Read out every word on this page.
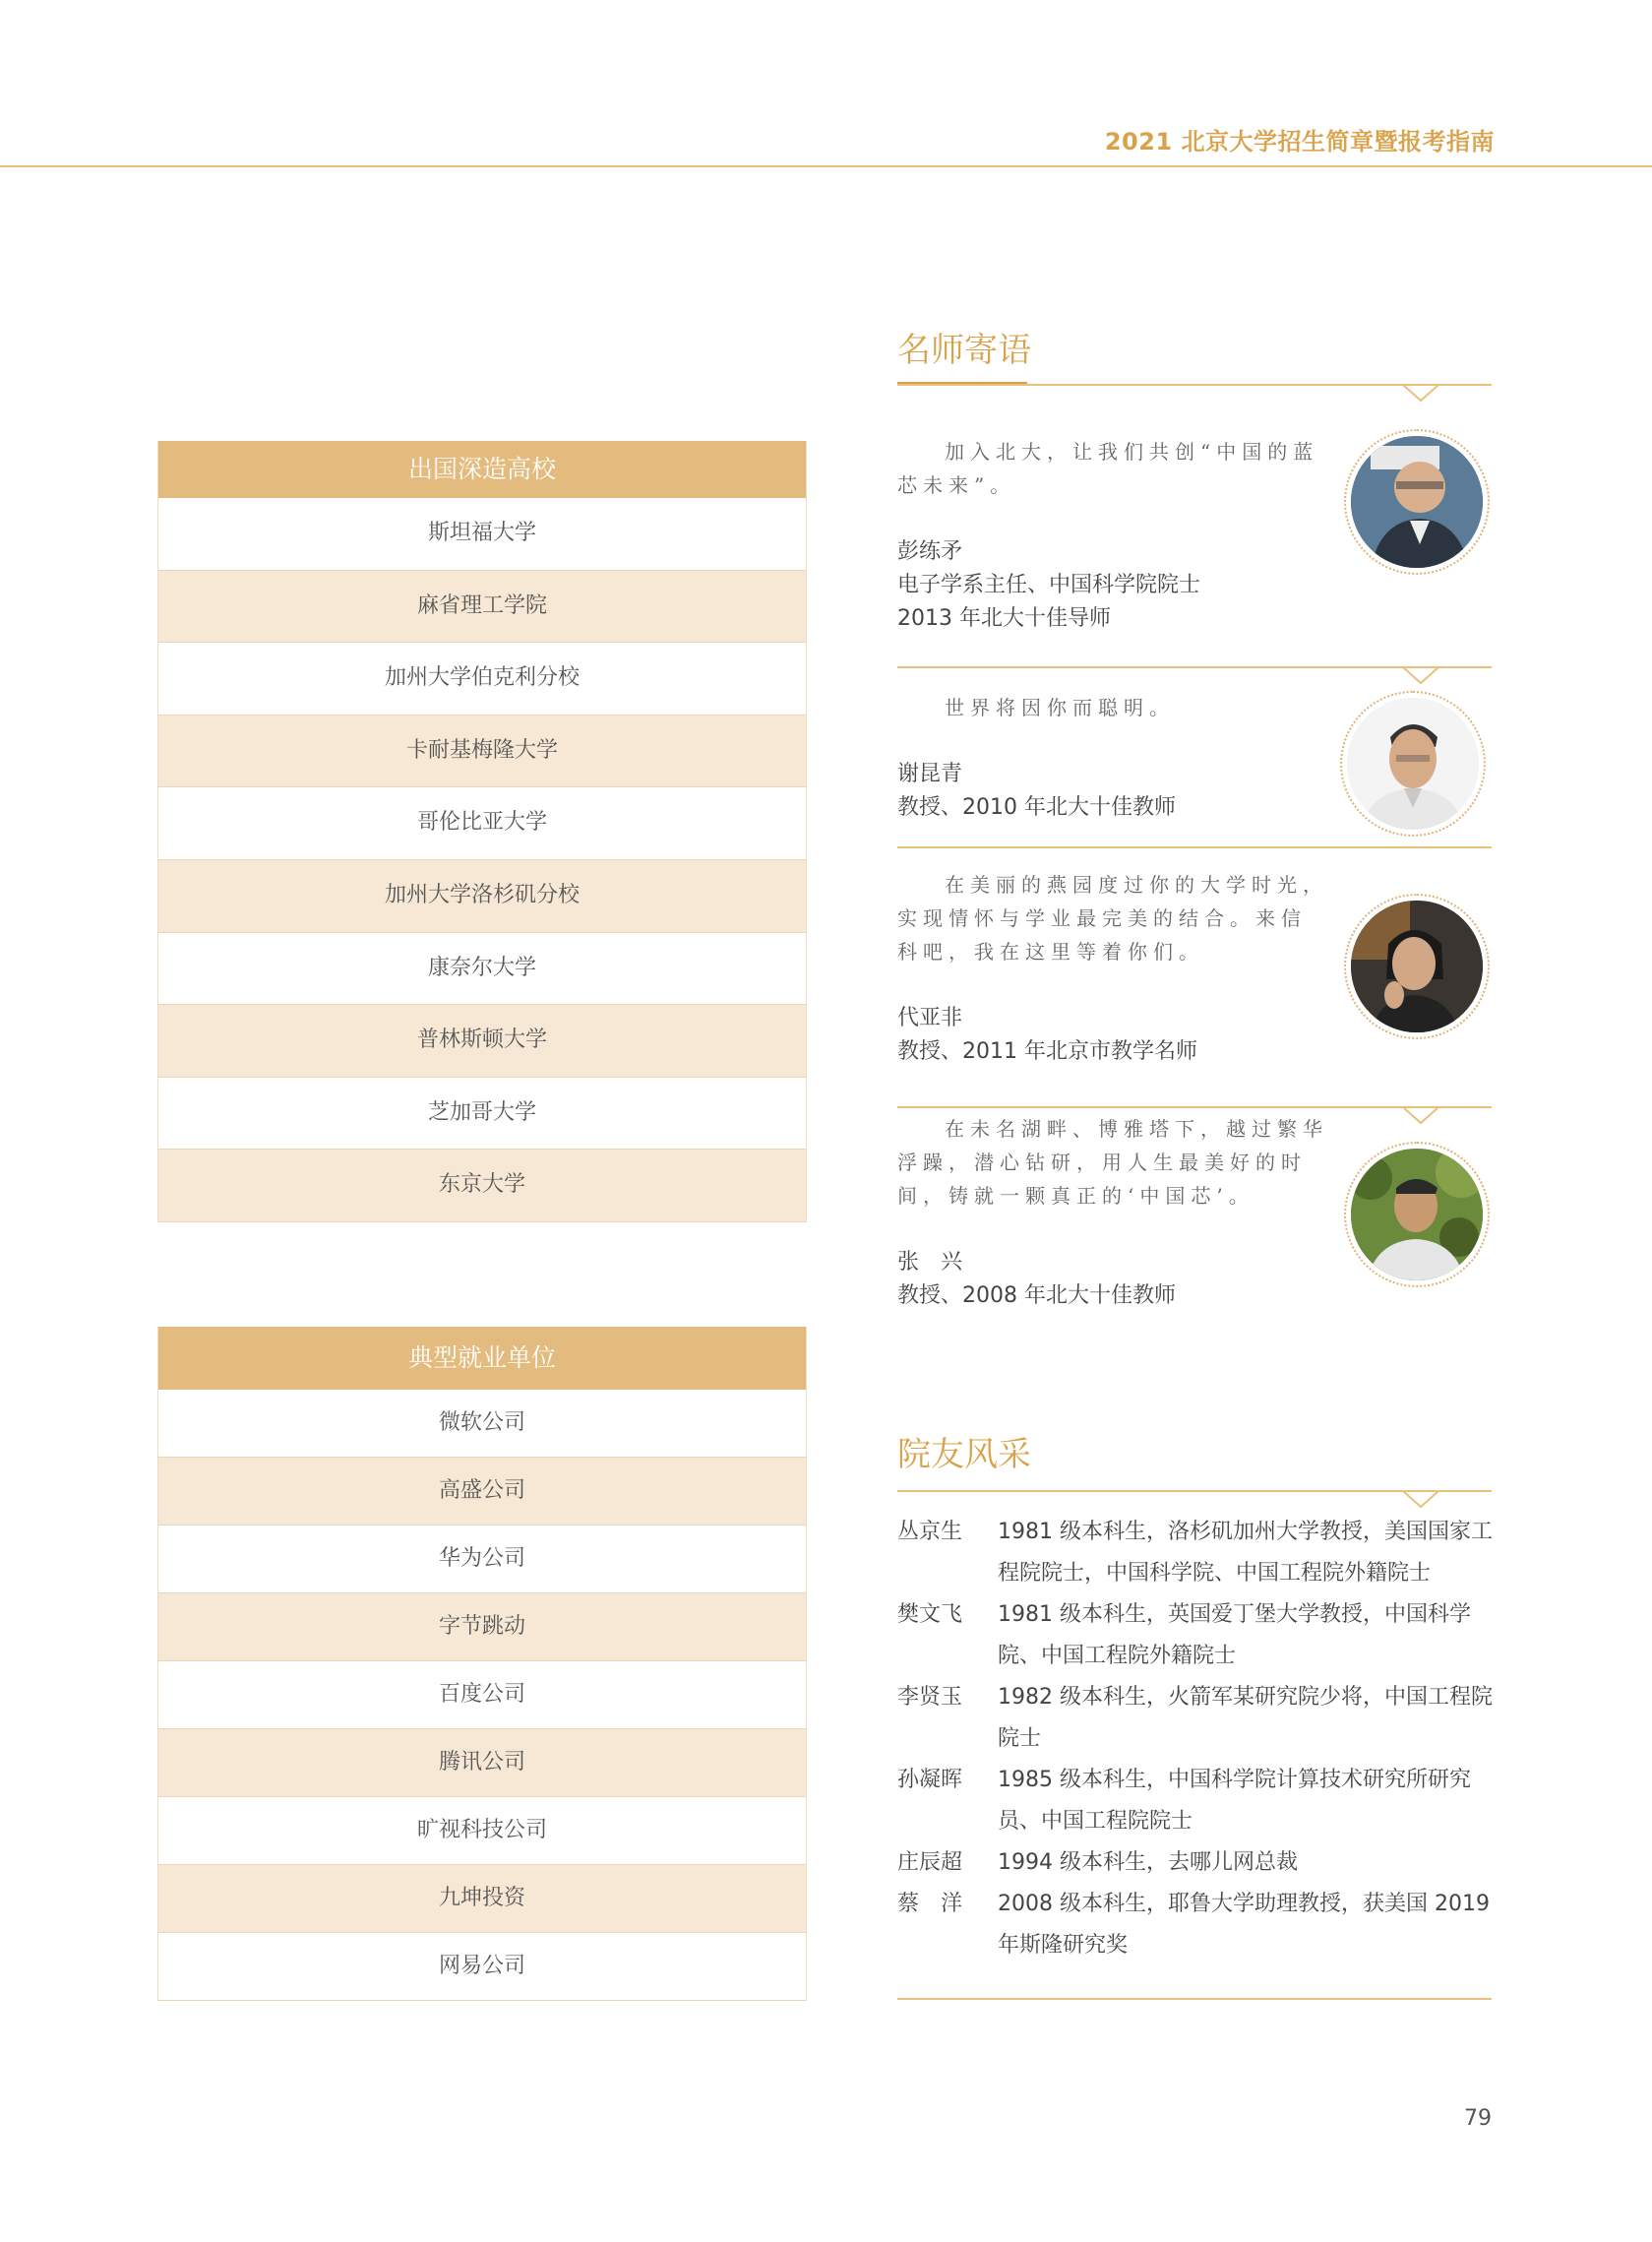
2021 北京大学招生简章暨报考指南
出国深造高校
斯坦福大学
麻省理工学院
加州大学伯克利分校
卡耐基梅隆大学
哥伦比亚大学
加州大学洛杉矶分校
康奈尔大学
普林斯顿大学
芝加哥大学
东京大学
典型就业单位
微软公司
高盛公司
华为公司
字节跳动
百度公司
腾讯公司
旷视科技公司
九坤投资
网易公司
名师寄语
加入北大，让我们共创“中国的蓝芯未来”。
彭练矛
电子学系主任、中国科学院院士
2013 年北大十佳导师
世界将因你而聪明。
谢昆青
教授、2010 年北大十佳教师
在美丽的燕园度过你的大学时光，实现情怀与学业最完美的结合。来信科吧，我在这里等着你们。
代亚非
教授、2011 年北京市教学名师
在未名湖畔、博雅塔下，越过繁华浮躁，潜心钻研，用人生最美好的时间，铸就一颗真正的‘中国芯’。
张　兴
教授、2008 年北大十佳教师
院友风采
丛京生	1981 级本科生，洛杉矶加州大学教授，美国国家工程院院士，中国科学院、中国工程院外籍院士
樊文飞	1981 级本科生，英国爱丁堡大学教授，中国科学院、中国工程院外籍院士
李贤玉	1982 级本科生，火箭军某研究院少将，中国工程院院士
孙凝晖	1985 级本科生，中国科学院计算技术研究所研究员、中国工程院院士
庄辰超	1994 级本科生，去哪儿网总裁
蔡　洋	2008 级本科生，耶鲁大学助理教授，获美国 2019 年斯隆研究奖
79
